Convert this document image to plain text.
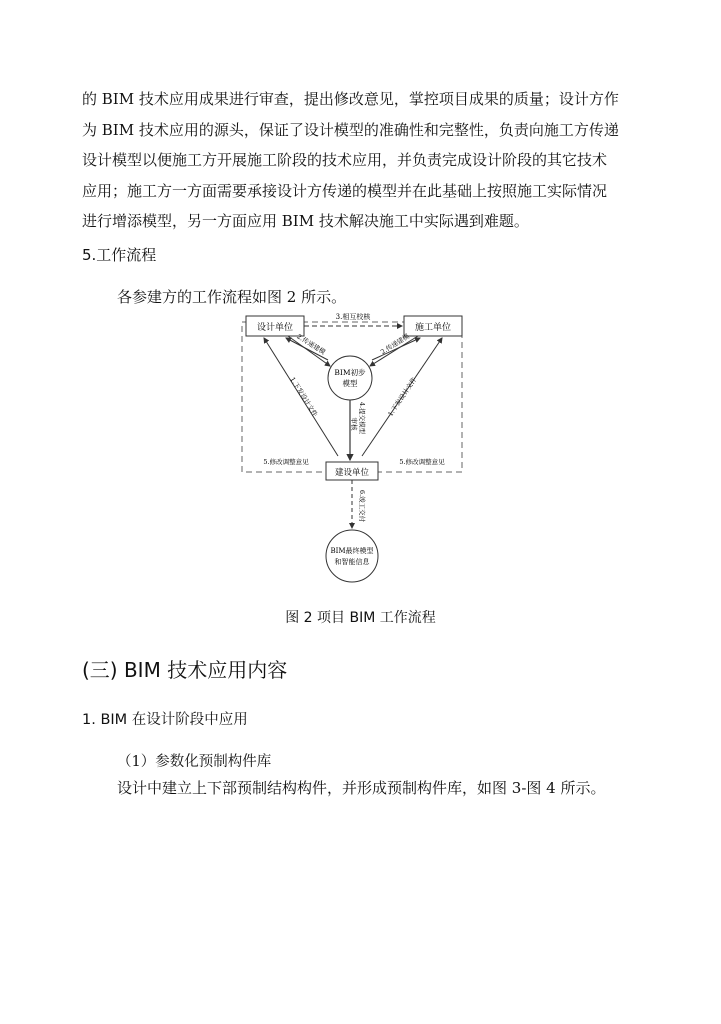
的 BIM 技术应用成果进行审查，提出修改意见，掌控项目成果的质量；设计方作
为 BIM 技术应用的源头，保证了设计模型的准确性和完整性，负责向施工方传递
设计模型以便施工方开展施工阶段的技术应用，并负责完成设计阶段的其它技术
应用；施工方一方面需要承接设计方传递的模型并在此基础上按照施工实际情况
进行增添模型，另一方面应用 BIM 技术解决施工中实际遇到难题。
5.工作流程
各参建方的工作流程如图 2 所示。
设计单位	施工单位
3.相互校核
BIM初步
模型
2.传递建模	2.传递建模
1.下发设计文件	1.下发设计文件
4.提交模型
审核
5.修改调整意见	5.修改调整意见
建设单位
6.竣工交付
BIM最终模型
和智能信息
图 2 项目 BIM 工作流程
(三) BIM 技术应用内容
1. BIM 在设计阶段中应用
（1）参数化预制构件库
设计中建立上下部预制结构构件，并形成预制构件库，如图 3-图 4 所示。
